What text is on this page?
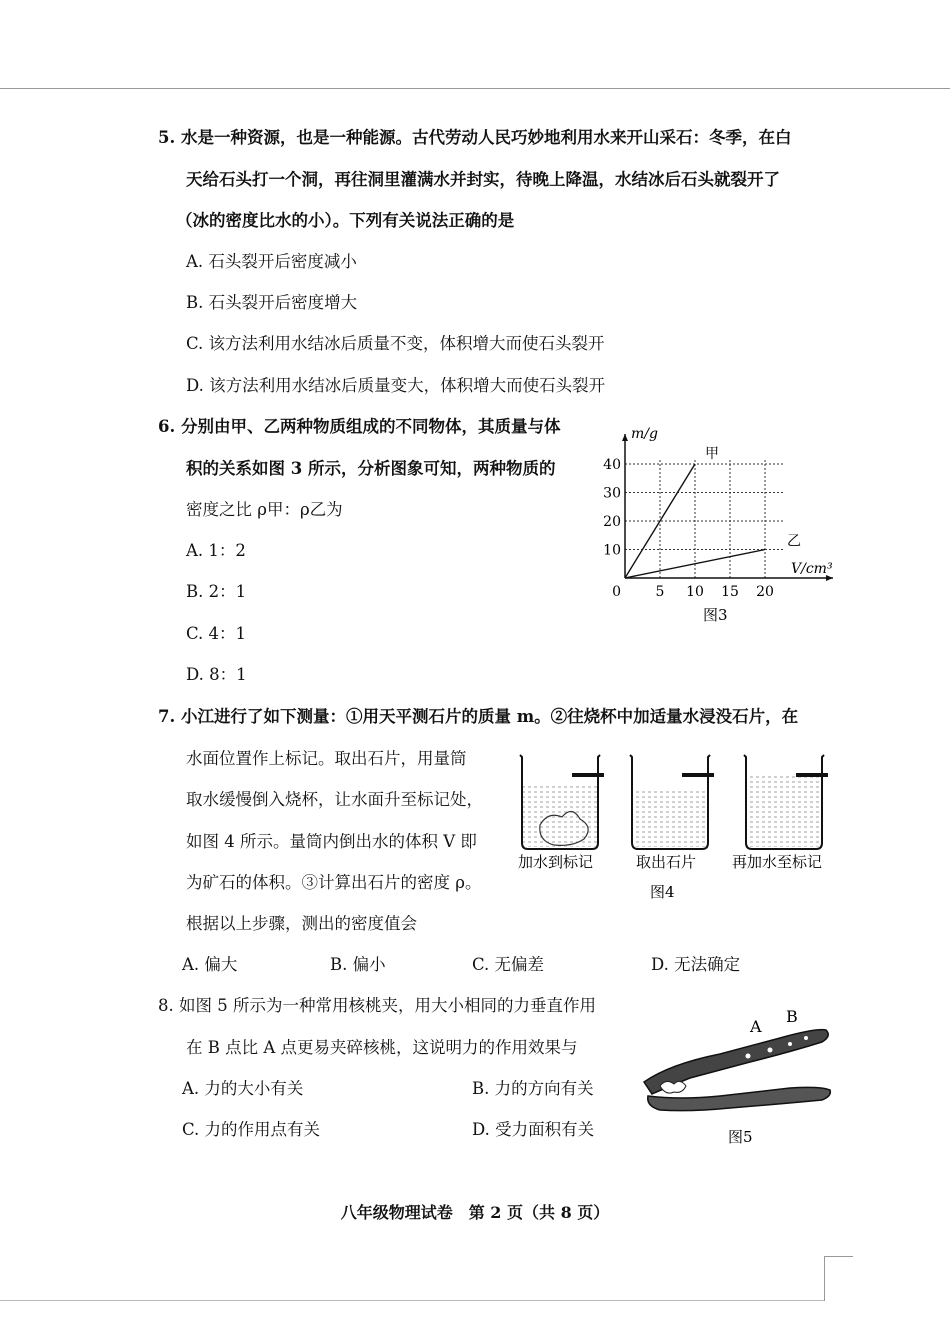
5. 水是一种资源，也是一种能源。古代劳动人民巧妙地利用水来开山采石：冬季，在白
天给石头打一个洞，再往洞里灌满水并封实，待晚上降温，水结冰后石头就裂开了
（冰的密度比水的小）。下列有关说法正确的是
A. 石头裂开后密度减小
B. 石头裂开后密度增大
C. 该方法利用水结冰后质量不变，体积增大而使石头裂开
D. 该方法利用水结冰后质量变大，体积增大而使石头裂开
6. 分别由甲、乙两种物质组成的不同物体，其质量与体
积的关系如图 3 所示，分析图象可知，两种物质的
密度之比 ρ甲：ρ乙为
A. 1：2
B. 2：1
C. 4：1
D. 8：1
甲
乙
10
20
30
40
5 10 15 20
0
m/g
V/cm³
图3
7. 小江进行了如下测量：①用天平测石片的质量 m。②往烧杯中加适量水浸没石片，在
水面位置作上标记。取出石片，用量筒
取水缓慢倒入烧杯，让水面升至标记处，
如图 4 所示。量筒内倒出水的体积 V 即
为矿石的体积。③计算出石片的密度 ρ。
根据以上步骤，测出的密度值会
A. 偏大	B. 偏小	C. 无偏差	D. 无法确定
加水到标记	取出石片 再加水至标记
图4
8. 如图 5 所示为一种常用核桃夹，用大小相同的力垂直作用
在 B 点比 A 点更易夹碎核桃，这说明力的作用效果与
A. 力的大小有关	B. 力的方向有关
C. 力的作用点有关	D. 受力面积有关
A
B
图5
八年级物理试卷　第 2 页（共 8 页）
